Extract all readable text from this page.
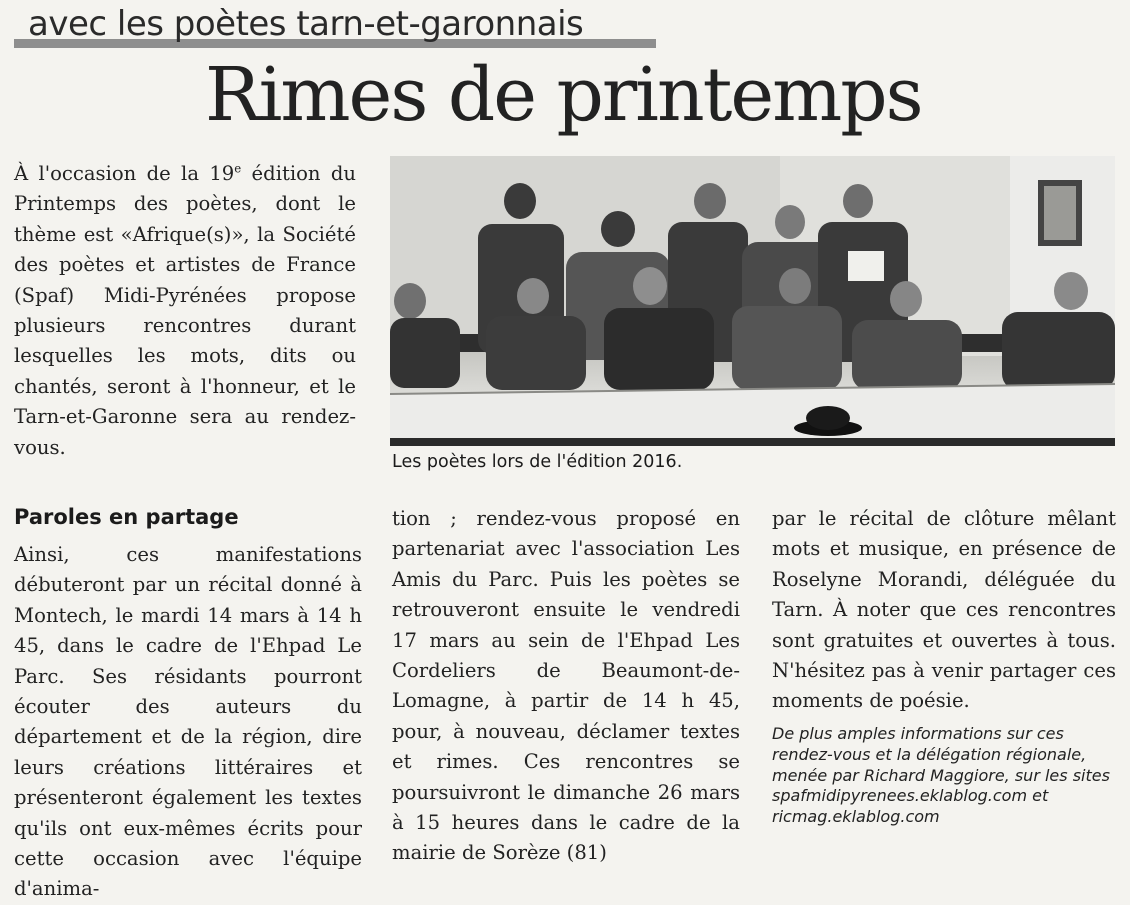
avec les poètes tarn-et-garonnais
Rimes de printemps

À l'occasion de la 19e édition du Printemps des poètes, dont le thème est «Afrique(s)», la Société des poètes et artistes de France (Spaf) Midi-Pyrénées propose plusieurs rencontres durant lesquelles les mots, dits ou chantés, seront à l'honneur, et le Tarn-et-Garonne sera au rendez-vous.

Les poètes lors de l'édition 2016.
Paroles en partage

Ainsi, ces manifestations débuteront par un récital donné à Montech, le mardi 14 mars à 14 h 45, dans le cadre de l'Ehpad Le Parc. Ses résidants pourront écouter des auteurs du département et de la région, dire leurs créations littéraires et présenteront également les textes qu'ils ont eux-mêmes écrits pour cette occasion avec l'équipe d'anima-

tion ; rendez-vous proposé en partenariat avec l'association Les Amis du Parc. Puis les poètes se retrouveront ensuite le vendredi 17 mars au sein de l'Ehpad Les Cordeliers de Beaumont-de-Lomagne, à partir de 14 h 45, pour, à nouveau, déclamer textes et rimes. Ces rencontres se poursuivront le dimanche 26 mars à 15 heures dans le cadre de la mairie de Sorèze (81)

par le récital de clôture mêlant mots et musique, en présence de Roselyne Morandi, déléguée du Tarn. À noter que ces rencontres sont gratuites et ouvertes à tous. N'hésitez pas à venir partager ces moments de poésie.

De plus amples informations sur ces rendez-vous et la délégation régionale, menée par Richard Maggiore, sur les sites spafmidipyrenees.eklablog.com et ricmag.eklablog.com
